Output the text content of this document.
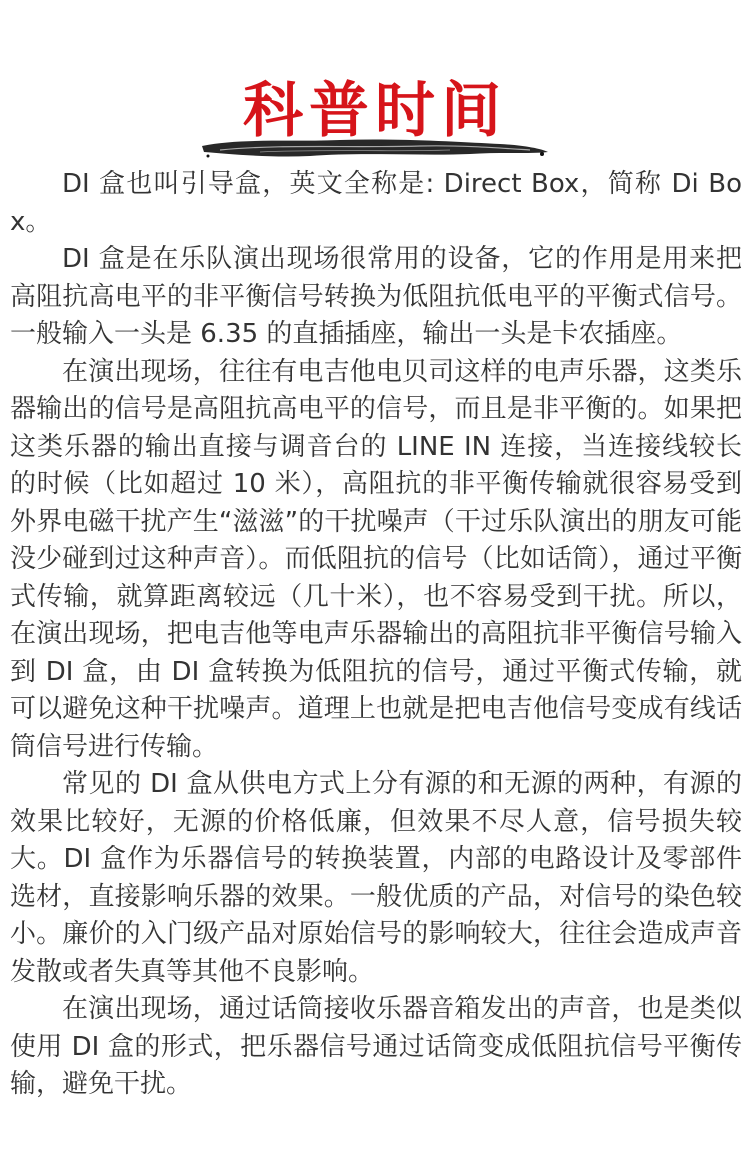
科普时间

DI 盒也叫引导盒，英文全称是: Direct Box，简称 Di Box。

DI 盒是在乐队演出现场很常用的设备，它的作用是用来把高阻抗高电平的非平衡信号转换为低阻抗低电平的平衡式信号。一般输入一头是 6.35 的直插插座，输出一头是卡农插座。

在演出现场，往往有电吉他电贝司这样的电声乐器，这类乐器输出的信号是高阻抗高电平的信号，而且是非平衡的。如果把这类乐器的输出直接与调音台的 LINE IN 连接，当连接线较长的时候（比如超过 10 米），高阻抗的非平衡传输就很容易受到外界电磁干扰产生“滋滋”的干扰噪声（干过乐队演出的朋友可能没少碰到过这种声音）。而低阻抗的信号（比如话筒），通过平衡式传输，就算距离较远（几十米），也不容易受到干扰。所以，在演出现场，把电吉他等电声乐器输出的高阻抗非平衡信号输入到 DI 盒，由 DI 盒转换为低阻抗的信号，通过平衡式传输，就可以避免这种干扰噪声。道理上也就是把电吉他信号变成有线话筒信号进行传输。

常见的 DI 盒从供电方式上分有源的和无源的两种，有源的效果比较好，无源的价格低廉，但效果不尽人意，信号损失较大。DI 盒作为乐器信号的转换装置，内部的电路设计及零部件选材，直接影响乐器的效果。一般优质的产品，对信号的染色较小。廉价的入门级产品对原始信号的影响较大，往往会造成声音发散或者失真等其他不良影响。

在演出现场，通过话筒接收乐器音箱发出的声音，也是类似使用 DI 盒的形式，把乐器信号通过话筒变成低阻抗信号平衡传输，避免干扰。
